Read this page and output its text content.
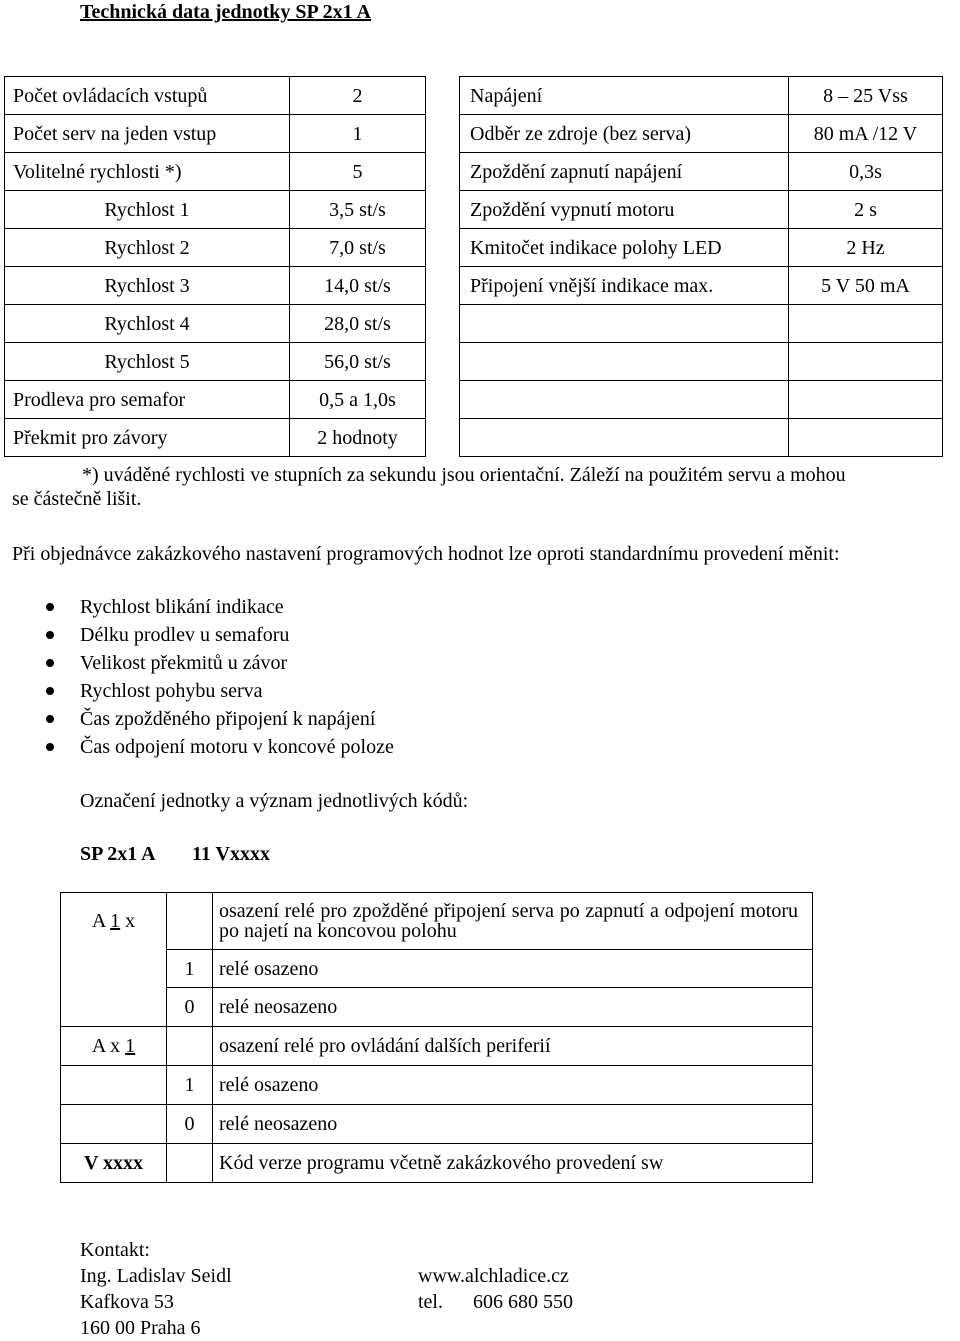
Technická data jednotky SP 2x1 A
Počet ovládacích vstupů	2
Počet serv na jeden vstup	1
Volitelné rychlosti *)	5
Rychlost 1	3,5 st/s
Rychlost 2	7,0 st/s
Rychlost 3	14,0 st/s
Rychlost 4	28,0 st/s
Rychlost 5	56,0 st/s
Prodleva pro semafor	0,5 a 1,0s
Překmit pro závory	2 hodnoty
Napájení	8 – 25 Vss
Odběr ze zdroje (bez serva)	80 mA /12 V
Zpoždění zapnutí napájení	0,3s
Zpoždění vypnutí motoru	2 s
Kmitočet indikace polohy LED	2 Hz
Připojení vnější indikace max.	5 V 50 mA

*) uváděné rychlosti ve stupních za sekundu jsou orientační. Záleží na použitém servu a mohou
se částečně lišit.
Při objednávce zakázkového nastavení programových hodnot lze oproti standardnímu provedení měnit:
Rychlost blikání indikace
Délku prodlev u semaforu
Velikost překmitů u závor
Rychlost pohybu serva
Čas zpožděného připojení k napájení
Čas odpojení motoru v koncové poloze
Označení jednotky a význam jednotlivých kódů:
SP 2x1 A 11 Vxxxx
A 1 x		osazení relé pro zpožděné připojení serva po zapnutí a odpojení motoru po najetí na koncovou polohu
	1	relé osazeno
	0	relé neosazeno
A x 1		osazení relé pro ovládání dalších periferií
	1	relé osazeno
	0	relé neosazeno
V xxxx		Kód verze programu včetně zakázkového provedení sw
Kontakt:
Ing. Ladislav Seidl
Kafkova 53
160 00 Praha 6
www.alchladice.cz
tel. 606 680 550
